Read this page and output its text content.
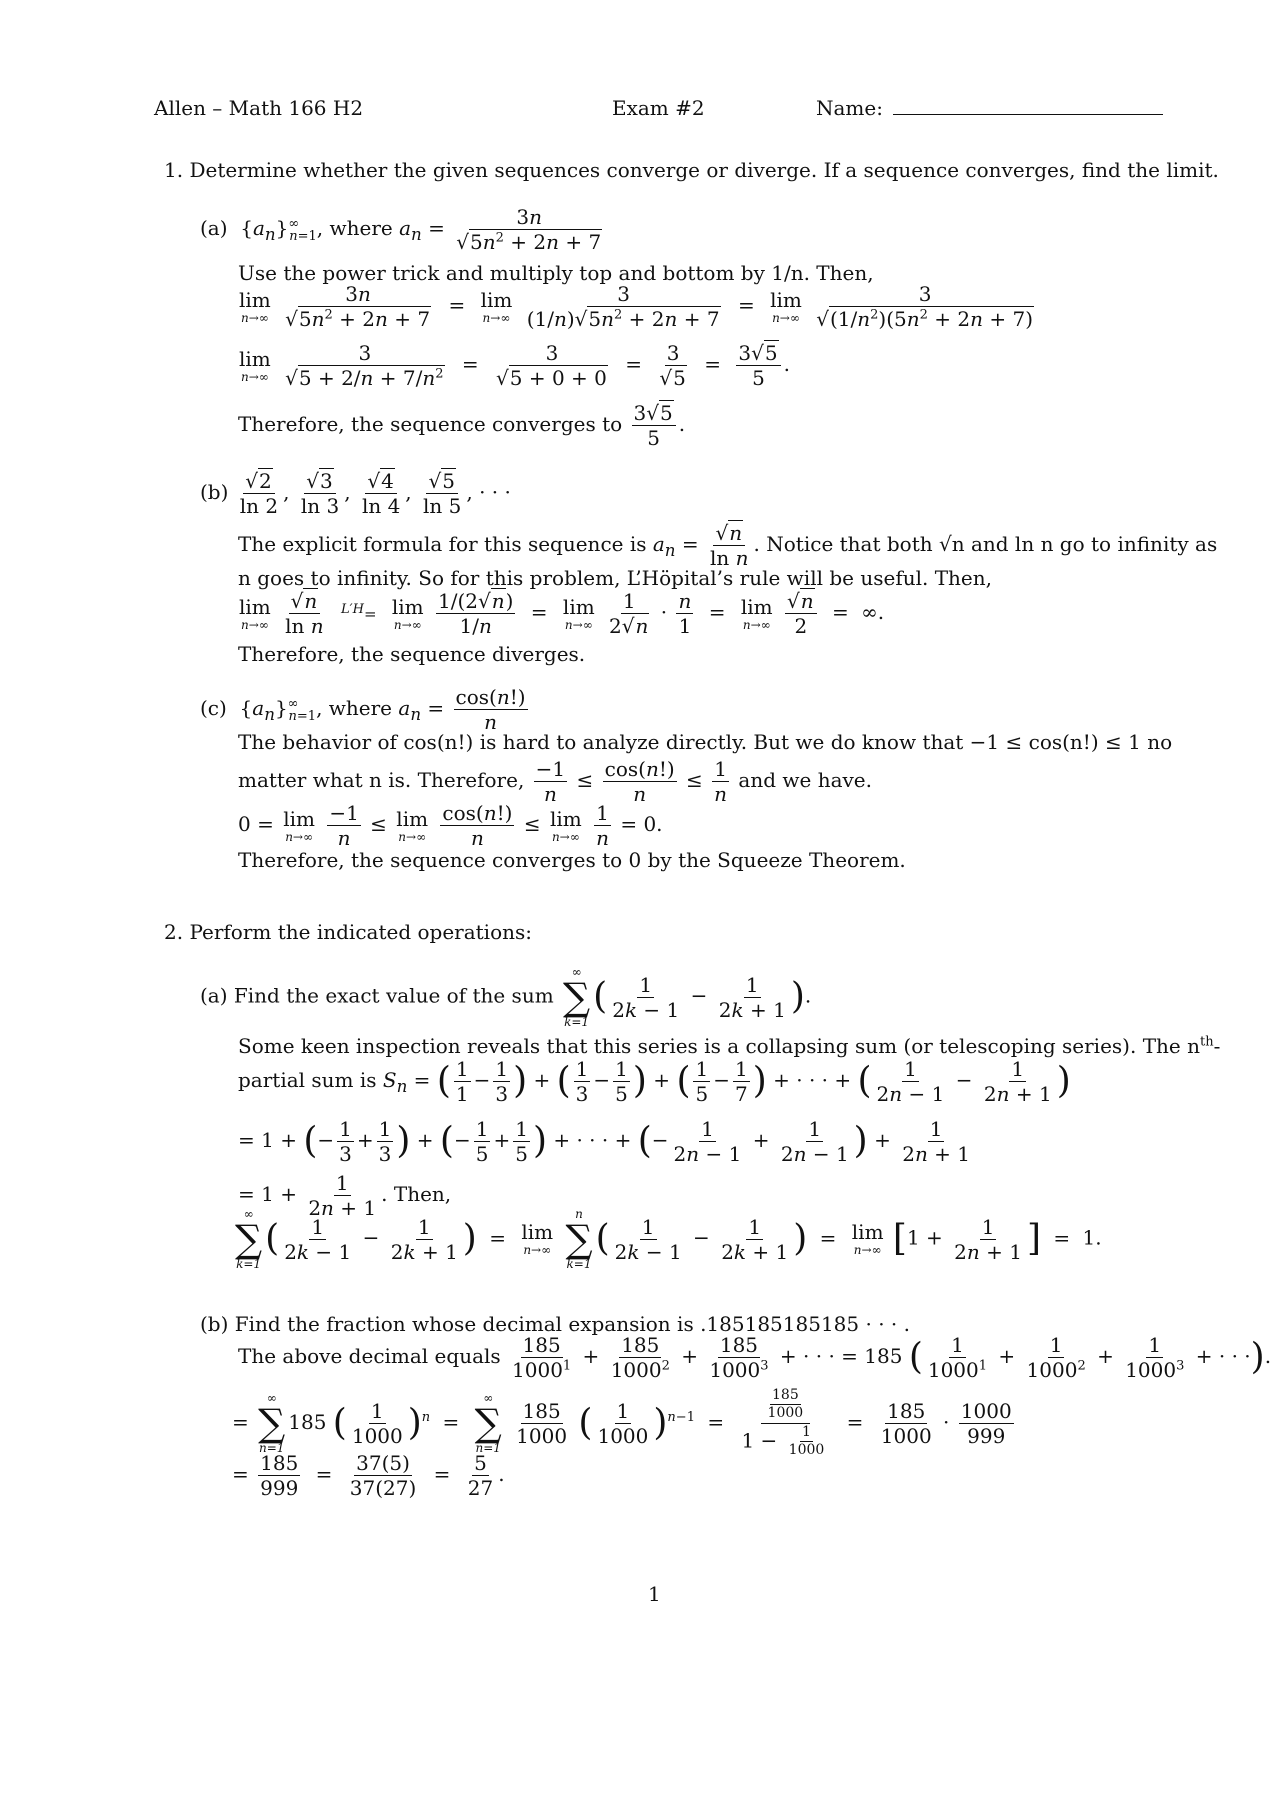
Allen – Math 166 H2	Exam #2	Name:
1. Determine whether the given sequences converge or diverge. If a sequence converges, find the limit.
(a)  $\{a_n\}^\infty_{n=1}$, where $a_n = \frac{3n}{√5n^2 + 2n + 7}$
Use the power trick and multiply top and bottom by 1/n. Then,
lim
n→∞
$\frac{3n}{√5n^2 + 2n + 7} = \lim$
n→∞
$\frac{3}{(1/n)√5n^2 + 2n + 7} = \lim$
n→∞
$\frac{3}{√(1/n^2)(5n^2 + 2n + 7)}$
lim
n→∞
$\frac{3}{√5 + 2/n + 7/n^2} = \frac{3}{√5 + 0 + 0} = \frac{3}{√5} = \frac{3√5}{5}$ .
Therefore, the sequence converges to $\frac{3√5}{5}$ .
$(b) \frac{√2}{\ln 2}$ , $\frac{√3}{\ln 3}$ , $\frac{√4}{\ln 4}$ , $\frac{√5}{\ln 5}$ , · · ·
The explicit formula for this sequence is $a_n = \frac{√n}{\text{ln n}}$ . Notice that both √n and ln n go to infinity as
n goes to infinity. So for this problem, L’Höpital’s rule will be useful. Then,
lim
n→∞
$\frac{√n}{\text{ln n}} ^{L'H}= \lim$
n→∞
$\frac{1/(2√n)}{1/n} = \lim$
n→∞
$\frac{1}{2√n} \cdot \frac{n}{1} = \lim$
n→∞
$\frac{√n}{2}$ = ∞.
Therefore, the sequence diverges.
(c)  $\{a_n\}^\infty_{n=1}$, where $a_n = \frac{\cos(n!)}{n}$
The behavior of cos(n!) is hard to analyze directly. But we do know that −1 ≤ cos(n!) ≤ 1 no
matter what n is. Therefore, $\frac{-1}{n} \le \frac{\cos(n!)}{n} \le \frac{1}{n}$ and we have.
0 = lim
n→∞
$\frac{-1}{n} \le \lim$
n→∞
$\frac{\cos(n!)}{n} \le \lim$
n→∞
$\frac{1}{n} = 0$.
Therefore, the sequence converges to 0 by the Squeeze Theorem.
2. Perform the indicated operations:
(a) Find the exact value of the sum
∞
∑
k=1
( $\frac{1}{2k - 1} - \frac{1}{2k + 1}$ ).
Some keen inspection reveals that this series is a collapsing sum (or telescoping series). The $n^{th}-$
partial sum is $S_n$ = ( $\frac{1}{1} - \frac{1}{3}$ ) + ( $\frac{1}{3} - \frac{1}{5}$ ) + ( $\frac{1}{5} - \frac{1}{7}$ ) + · · · + ( $\frac{1}{2n - 1} - \frac{1}{2n + 1}$ )
= 1 + (− $\frac{1}{3} + \frac{1}{3}$ ) + (− $\frac{1}{5} + \frac{1}{5}$ ) + · · · + (− $\frac{1}{2n - 1} + \frac{1}{2n - 1}$ ) + $\frac{1}{2n + 1}$
= $1 + \frac{1}{2n + 1}$ . Then,
∞
∑
k=1
( $\frac{1}{2k - 1} - \frac{1}{2k + 1}$ ) = lim
n→∞

n
∑
k=1
( $\frac{1}{2k - 1} - \frac{1}{2k + 1}$ ) = lim
n→∞ [$1 + \frac{1}{2n + 1}$ ] = 1.
(b) Find the fraction whose decimal expansion is .185185185185 · · · .
The above decimal equals $\frac{185}{1000^1} + \frac{185}{1000^2} + \frac{185}{1000^3}$ + · · · = 185 ( $\frac{1}{1000^1} + \frac{1}{1000^2} + \frac{1}{1000^3}$ + · · ·).
=
∞
∑
n=1
185 ( $\frac{1}{1000} )^n$ =
∞
∑
n=1

$\frac{185}{1000}$ ( $\frac{1}{1000} )^{n-1} = \frac{\frac{185}{1000}}{1 - \frac{1}{1000}} = \frac{185}{1000} \cdot \frac{1000}{999}$
= $\frac{185}{999} = \frac{37(5)}{37(27)} = \frac{5}{27}$ .
1
